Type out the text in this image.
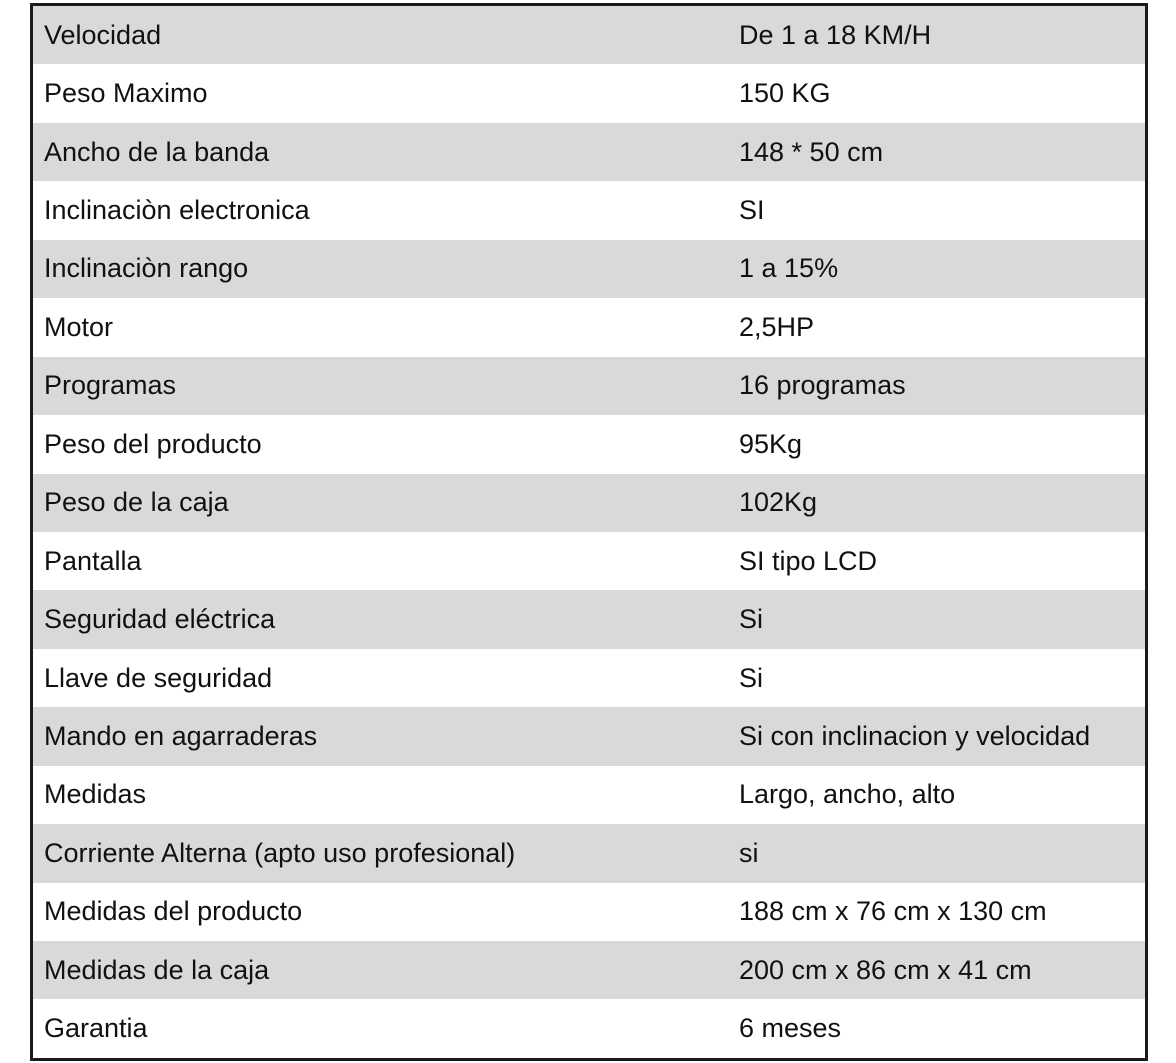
Velocidad	De 1 a 18 KM/H
Peso Maximo	150 KG
Ancho de la banda	148 * 50 cm
Inclinaciòn electronica	SI
Inclinaciòn rango	1 a 15%
Motor	2,5HP
Programas	16 programas
Peso del producto	95Kg
Peso de la caja	102Kg
Pantalla	SI tipo LCD
Seguridad eléctrica	Si
Llave de seguridad	Si
Mando en agarraderas	Si con inclinacion y velocidad
Medidas	Largo, ancho, alto
Corriente Alterna (apto uso profesional)	si
Medidas del producto	188 cm x 76 cm x 130 cm
Medidas de la caja	200 cm x 86 cm x 41 cm
Garantia	6 meses
